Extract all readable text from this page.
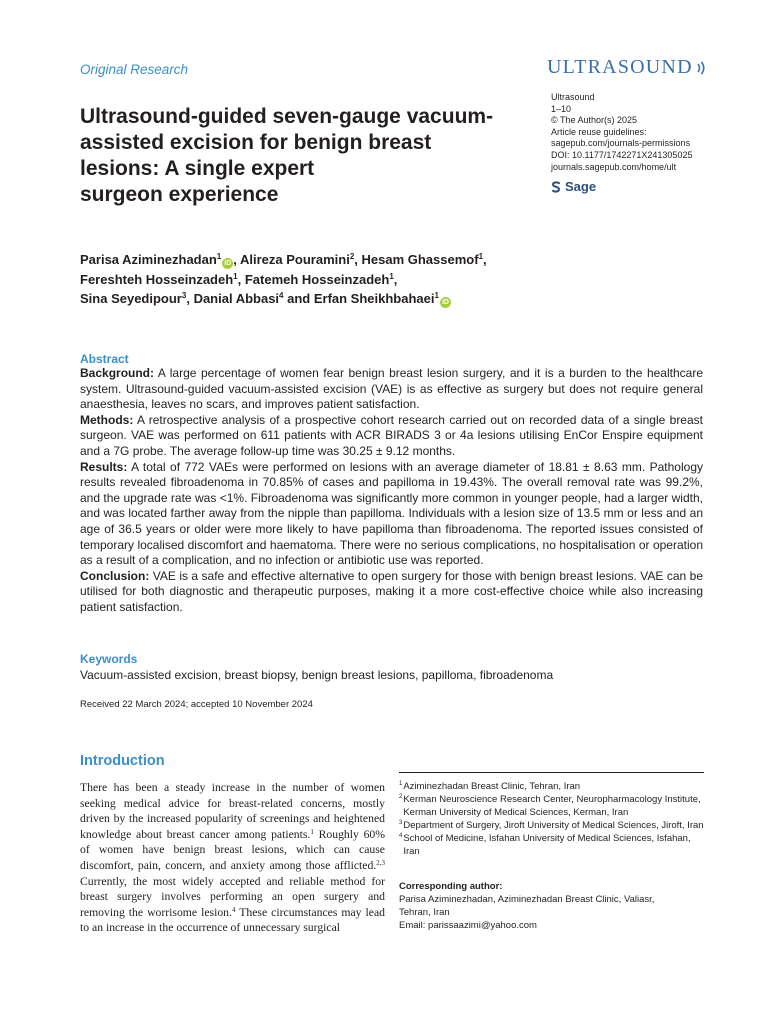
Original Research	ULTRASOUND
Ultrasound-guided seven-gauge vacuum-
assisted excision for benign breast
lesions: A single expert
surgeon experience
Ultrasound
1–10
© The Author(s) 2025
Article reuse guidelines:
sagepub.com/journals-permissions
DOI: 10.1177/1742271X241305025
journals.sagepub.com/home/ult
Sage
Parisa Aziminezhadan$^1$iD , Alireza Pouramini$^2$, Hesam Ghassemof$^1$,
Fereshteh Hosseinzadeh$^1$, Fatemeh Hosseinzadeh$^1$,
Sina Seyedipour$^3$, Danial Abbasi$^4$ and Erfan Sheikhbahaei$^1$iD
Abstract

Background: A large percentage of women fear benign breast lesion surgery, and it is a burden to the healthcare system. Ultrasound-guided vacuum-assisted excision (VAE) is as effective as surgery but does not require general anaesthesia, leaves no scars, and improves patient satisfaction.

Methods: A retrospective analysis of a prospective cohort research carried out on recorded data of a single breast surgeon. VAE was performed on 611 patients with ACR BIRADS 3 or 4a lesions utilising EnCor Enspire equipment and a 7G probe. The average follow-up time was 30.25 ± 9.12 months.

Results: A total of 772 VAEs were performed on lesions with an average diameter of 18.81 ± 8.63 mm. Pathology results revealed fibroadenoma in 70.85% of cases and papilloma in 19.43%. The overall removal rate was 99.2%, and the upgrade rate was <1%. Fibroadenoma was significantly more common in younger people, had a larger width, and was located farther away from the nipple than papilloma. Individuals with a lesion size of 13.5 mm or less and an age of 36.5 years or older were more likely to have papilloma than fibroadenoma. The reported issues consisted of temporary localised discomfort and haematoma. There were no serious complications, no hospitalisation or operation as a result of a complication, and no infection or antibiotic use was reported.

Conclusion: VAE is a safe and effective alternative to open surgery for those with benign breast lesions. VAE can be utilised for both diagnostic and therapeutic purposes, making it a more cost-effective choice while also increasing patient satisfaction.

Keywords
Vacuum-assisted excision, breast biopsy, benign breast lesions, papilloma, fibroadenoma
Received 22 March 2024; accepted 10 November 2024
Introduction
There has been a steady increase in the number of women seeking medical advice for breast-related concerns, mostly driven by the increased popularity of screenings and heightened knowledge about breast cancer among patients.$^1$ Roughly 60% of women have benign breast lesions, which can cause discomfort, pain, concern, and anxiety among those afflicted.$^{2,3}$ Currently, the most widely accepted and reliable method for breast surgery involves performing an open surgery and removing the worrisome lesion.$^4$ These circumstances may lead to an increase in the occurrence of unnecessary surgical
1 Aziminezhadan Breast Clinic, Tehran, Iran
2 Kerman Neuroscience Research Center, Neuropharmacology Institute, Kerman University of Medical Sciences, Kerman, Iran
3 Department of Surgery, Jiroft University of Medical Sciences, Jiroft, Iran
4 School of Medicine, Isfahan University of Medical Sciences, Isfahan, Iran
Corresponding author:
Parisa Aziminezhadan, Aziminezhadan Breast Clinic, Valiasr,
Tehran, Iran
Email: parissaazimi@yahoo.com
